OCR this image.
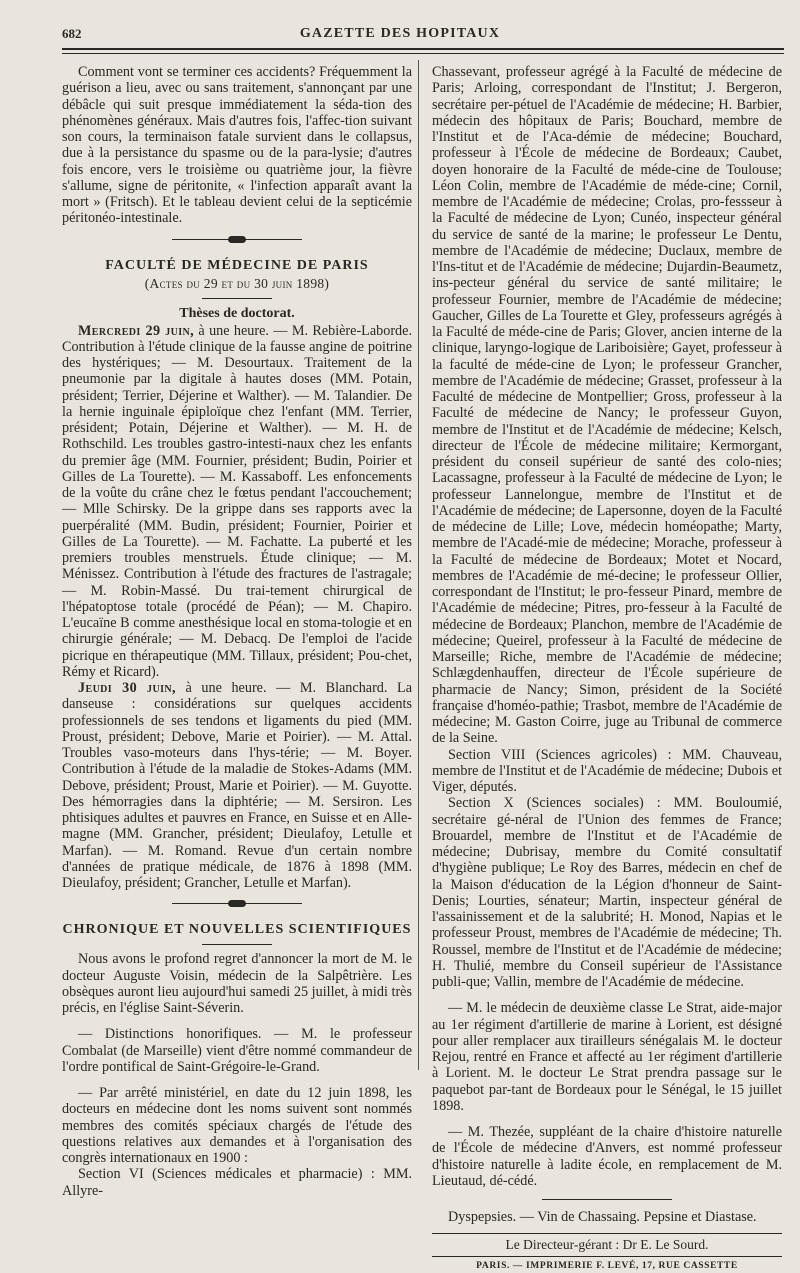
GAZETTE DES HOPITAUX
682

Comment vont se terminer ces accidents? Fréquemment la guérison a lieu, avec ou sans traitement, s'annonçant par une débâcle qui suit presque immédiatement la séda-tion des phénomènes généraux. Mais d'autres fois, l'affec-tion suivant son cours, la terminaison fatale survient dans le collapsus, due à la persistance du spasme ou de la para-lysie; d'autres fois encore, vers le troisième ou quatrième jour, la fièvre s'allume, signe de péritonite, « l'infection apparaît avant la mort » (Fritsch). Et le tableau devient celui de la septicémie péritonéo-intestinale.

FACULTÉ DE MÉDECINE DE PARIS
(Actes du 29 et du 30 juin 1898)
Thèses de doctorat.

Mercredi 29 juin, à une heure. — M. Rebière-Laborde. Contribution à l'étude clinique de la fausse angine de poitrine des hystériques; — M. Desourtaux. Traitement de la pneumonie par la digitale à hautes doses (MM. Potain, président; Terrier, Déjerine et Walther). — M. Talandier. De la hernie inguinale épiploïque chez l'enfant (MM. Terrier, président; Potain, Déjerine et Walther). — M. H. de Rothschild. Les troubles gastro-intesti-naux chez les enfants du premier âge (MM. Fournier, président; Budin, Poirier et Gilles de La Tourette). — M. Kassaboff. Les enfoncements de la voûte du crâne chez le fœtus pendant l'accouchement; — Mlle Schirsky. De la grippe dans ses rapports avec la puerpéralité (MM. Budin, président; Fournier, Poirier et Gilles de La Tourette). — M. Fachatte. La puberté et les premiers troubles menstruels. Étude clinique; — M. Ménissez. Contribution à l'étude des fractures de l'astragale; — M. Robin-Massé. Du trai-tement chirurgical de l'hépatoptose totale (procédé de Péan); — M. Chapiro. L'eucaïne B comme anesthésique local en stoma-tologie et en chirurgie générale; — M. Debacq. De l'emploi de l'acide picrique en thérapeutique (MM. Tillaux, président; Pou-chet, Rémy et Ricard).

Jeudi 30 juin, à une heure. — M. Blanchard. La danseuse : considérations sur quelques accidents professionnels de ses tendons et ligaments du pied (MM. Proust, président; Debove, Marie et Poirier). — M. Attal. Troubles vaso-moteurs dans l'hys-térie; — M. Boyer. Contribution à l'étude de la maladie de Stokes-Adams (MM. Debove, président; Proust, Marie et Poirier). — M. Guyotte. Des hémorragies dans la diphtérie; — M. Sersiron. Les phtisiques adultes et pauvres en France, en Suisse et en Alle-magne (MM. Grancher, président; Dieulafoy, Letulle et Marfan). — M. Romand. Revue d'un certain nombre d'années de pratique médicale, de 1876 à 1898 (MM. Dieulafoy, président; Grancher, Letulle et Marfan).

CHRONIQUE ET NOUVELLES SCIENTIFIQUES

Nous avons le profond regret d'annoncer la mort de M. le docteur Auguste Voisin, médecin de la Salpêtrière. Les obsèques auront lieu aujourd'hui samedi 25 juillet, à midi très précis, en l'église Saint-Séverin.

— Distinctions honorifiques. — M. le professeur Combalat (de Marseille) vient d'être nommé commandeur de l'ordre pontifical de Saint-Grégoire-le-Grand.

— Par arrêté ministériel, en date du 12 juin 1898, les docteurs en médecine dont les noms suivent sont nommés membres des comités spéciaux chargés de l'étude des questions relatives aux demandes et à l'organisation des congrès internationaux en 1900 :

Section VI (Sciences médicales et pharmacie) : MM. Allyre-

Chassevant, professeur agrégé à la Faculté de médecine de Paris; Arloing, correspondant de l'Institut; J. Bergeron, secrétaire per-pétuel de l'Académie de médecine; H. Barbier, médecin des hôpitaux de Paris; Bouchard, membre de l'Institut et de l'Aca-démie de médecine; Bouchard, professeur à l'École de médecine de Bordeaux; Caubet, doyen honoraire de la Faculté de méde-cine de Toulouse; Léon Colin, membre de l'Académie de méde-cine; Cornil, membre de l'Académie de médecine; Crolas, pro-fessseur à la Faculté de médecine de Lyon; Cunéo, inspecteur général du service de santé de la marine; le professeur Le Dentu, membre de l'Académie de médecine; Duclaux, membre de l'Ins-titut et de l'Académie de médecine; Dujardin-Beaumetz, ins-pecteur général du service de santé militaire; le professeur Fournier, membre de l'Académie de médecine; Gaucher, Gilles de La Tourette et Gley, professeurs agrégés à la Faculté de méde-cine de Paris; Glover, ancien interne de la clinique, laryngo-logique de Lariboisière; Gayet, professeur à la faculté de méde-cine de Lyon; le professeur Grancher, membre de l'Académie de médecine; Grasset, professeur à la Faculté de médecine de Montpellier; Gross, professeur à la Faculté de médecine de Nancy; le professeur Guyon, membre de l'Institut et de l'Académie de médecine; Kelsch, directeur de l'École de médecine militaire; Kermorgant, président du conseil supérieur de santé des colo-nies; Lacassagne, professeur à la Faculté de médecine de Lyon; le professeur Lannelongue, membre de l'Institut et de l'Académie de médecine; de Lapersonne, doyen de la Faculté de médecine de Lille; Love, médecin homéopathe; Marty, membre de l'Acadé-mie de médecine; Morache, professeur à la Faculté de médecine de Bordeaux; Motet et Nocard, membres de l'Académie de mé-decine; le professeur Ollier, correspondant de l'Institut; le pro-fesseur Pinard, membre de l'Académie de médecine; Pitres, pro-fesseur à la Faculté de médecine de Bordeaux; Planchon, membre de l'Académie de médecine; Queirel, professeur à la Faculté de médecine de Marseille; Riche, membre de l'Académie de médecine; Schlægdenhauffen, directeur de l'École supérieure de pharmacie de Nancy; Simon, président de la Société française d'homéo-pathie; Trasbot, membre de l'Académie de médecine; M. Gaston Coirre, juge au Tribunal de commerce de la Seine.

Section VIII (Sciences agricoles) : MM. Chauveau, membre de l'Institut et de l'Académie de médecine; Dubois et Viger, députés.

Section X (Sciences sociales) : MM. Bouloumié, secrétaire gé-néral de l'Union des femmes de France; Brouardel, membre de l'Institut et de l'Académie de médecine; Dubrisay, membre du Comité consultatif d'hygiène publique; Le Roy des Barres, médecin en chef de la Maison d'éducation de la Légion d'honneur de Saint-Denis; Lourties, sénateur; Martin, inspecteur général de l'assainissement et de la salubrité; H. Monod, Napias et le professeur Proust, membres de l'Académie de médecine; Th. Roussel, membre de l'Institut et de l'Académie de médecine; H. Thulié, membre du Conseil supérieur de l'Assistance publi-que; Vallin, membre de l'Académie de médecine.

— M. le médecin de deuxième classe Le Strat, aide-major au 1er régiment d'artillerie de marine à Lorient, est désigné pour aller remplacer aux tirailleurs sénégalais M. le docteur Rejou, rentré en France et affecté au 1er régiment d'artillerie à Lorient. M. le docteur Le Strat prendra passage sur le paquebot par-tant de Bordeaux pour le Sénégal, le 15 juillet 1898.

— M. Thezée, suppléant de la chaire d'histoire naturelle de l'École de médecine d'Anvers, est nommé professeur d'histoire naturelle à ladite école, en remplacement de M. Lieutaud, dé-cédé.

Dyspepsies. — Vin de Chassaing. Pepsine et Diastase.

Le Directeur-gérant : Dr E. Le Sourd.
PARIS. — IMPRIMERIE F. LEVÉ, 17, RUE CASSETTE
